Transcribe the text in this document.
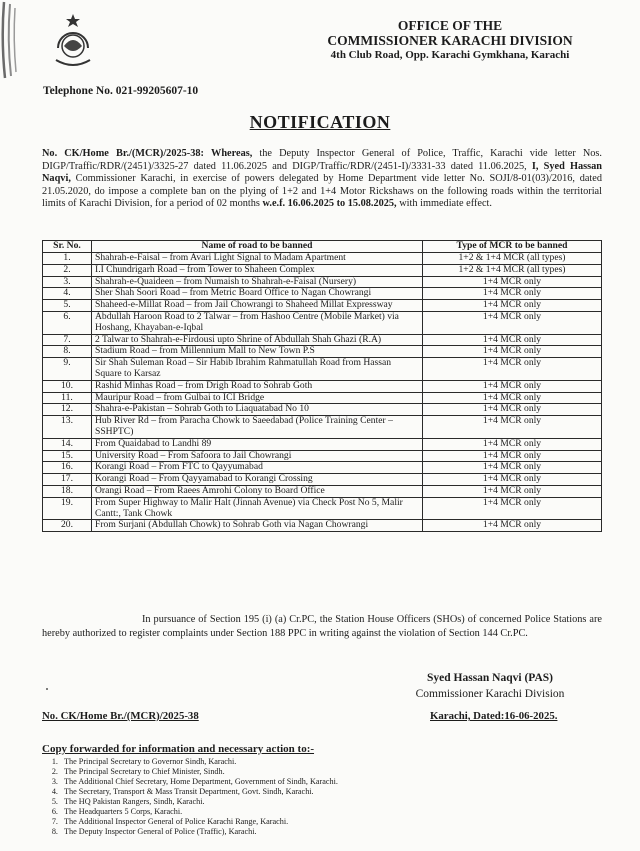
OFFICE OF THE
COMMISSIONER KARACHI DIVISION
4th Club Road, Opp. Karachi Gymkhana, Karachi
Telephone No. 021-99205607-10
NOTIFICATION
No. CK/Home Br./(MCR)/2025-38: Whereas, the Deputy Inspector General of Police, Traffic, Karachi vide letter Nos. DIGP/Traffic/RDR/(2451)/3325-27 dated 11.06.2025 and DIGP/Traffic/RDR/(2451-I)/3331-33 dated 11.06.2025, I, Syed Hassan Naqvi, Commissioner Karachi, in exercise of powers delegated by Home Department vide letter No. SOJI/8-01(03)/2016, dated 21.05.2020, do impose a complete ban on the plying of 1+2 and 1+4 Motor Rickshaws on the following roads within the territorial limits of Karachi Division, for a period of 02 months w.e.f. 16.06.2025 to 15.08.2025, with immediate effect.
Sr. No.	Name of road to be banned	Type of MCR to be banned
1.	Shahrah-e-Faisal – from Avari Light Signal to Madam Apartment	1+2 & 1+4 MCR (all types)
2.	I.I Chundrigarh Road – from Tower to Shaheen Complex	1+2 & 1+4 MCR (all types)
3.	Shahrah-e-Quaideen – from Numaish to Shahrah-e-Faisal (Nursery)	1+4 MCR only
4.	Sher Shah Soori Road – from Metric Board Office to Nagan Chowrangi	1+4 MCR only
5.	Shaheed-e-Millat Road – from Jail Chowrangi to Shaheed Millat Expressway	1+4 MCR only
6.	Abdullah Haroon Road to 2 Talwar – from Hashoo Centre (Mobile Market) via Hoshang, Khayaban-e-Iqbal	1+4 MCR only
7.	2 Talwar to Shahrah-e-Firdousi upto Shrine of Abdullah Shah Ghazi (R.A)	1+4 MCR only
8.	Stadium Road – from Millennium Mall to New Town P.S	1+4 MCR only
9.	Sir Shah Suleman Road – Sir Habib Ibrahim Rahmatullah Road from Hassan Square to Karsaz	1+4 MCR only
10.	Rashid Minhas Road – from Drigh Road to Sohrab Goth	1+4 MCR only
11.	Mauripur Road – from Gulbai to ICI Bridge	1+4 MCR only
12.	Shahra-e-Pakistan – Sohrab Goth to Liaquatabad No 10	1+4 MCR only
13.	Hub River Rd – from Paracha Chowk to Saeedabad (Police Training Center – SSHPTC)	1+4 MCR only
14.	From Quaidabad to Landhi 89	1+4 MCR only
15.	University Road – From Safoora to Jail Chowrangi	1+4 MCR only
16.	Korangi Road – From FTC to Qayyumabad	1+4 MCR only
17.	Korangi Road – From Qayyamabad to Korangi Crossing	1+4 MCR only
18.	Orangi Road – From Raees Amrohi Colony to Board Office	1+4 MCR only
19.	From Super Highway to Malir Halt (Jinnah Avenue) via Check Post No 5, Malir Cantt:, Tank Chowk	1+4 MCR only
20.	From Surjani (Abdullah Chowk) to Sohrab Goth via Nagan Chowrangi	1+4 MCR only
In pursuance of Section 195 (i) (a) Cr.PC, the Station House Officers (SHOs) of concerned Police Stations are hereby authorized to register complaints under Section 188 PPC in writing against the violation of Section 144 Cr.PC.
Syed Hassan Naqvi (PAS)
Commissioner Karachi Division
No. CK/Home Br./(MCR)/2025-38	Karachi, Dated:16-06-2025.
Copy forwarded for information and necessary action to:-
1. The Principal Secretary to Governor Sindh, Karachi.
2. The Principal Secretary to Chief Minister, Sindh.
3. The Additional Chief Secretary, Home Department, Government of Sindh, Karachi.
4. The Secretary, Transport & Mass Transit Department, Govt. Sindh, Karachi.
5. The HQ Pakistan Rangers, Sindh, Karachi.
6. The Headquarters 5 Corps, Karachi.
7. The Additional Inspector General of Police Karachi Range, Karachi.
8. The Deputy Inspector General of Police (Traffic), Karachi.
